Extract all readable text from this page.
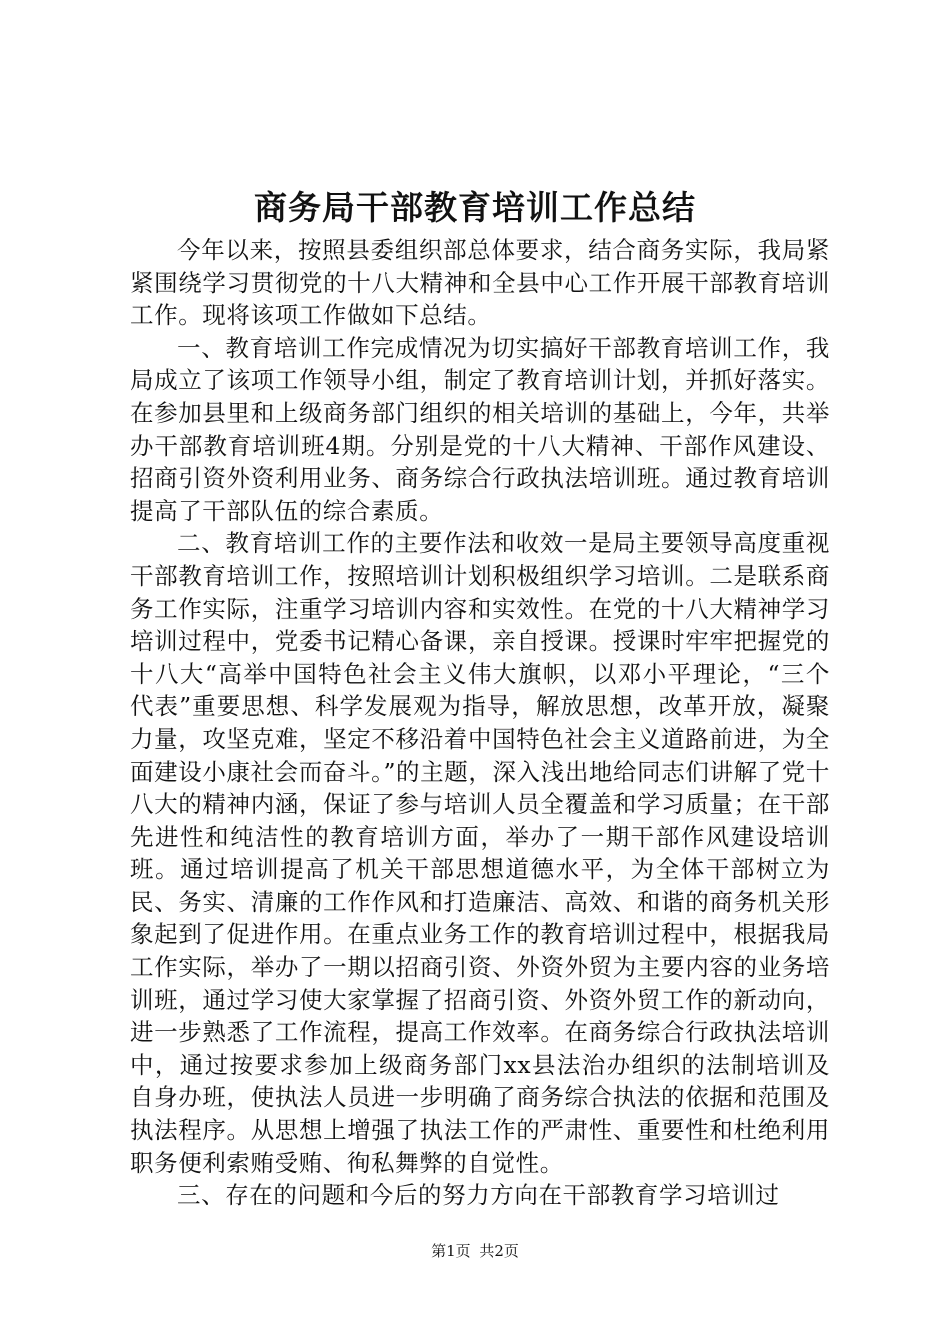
商务局干部教育培训工作总结

今年以来，按照县委组织部总体要求，结合商务实际，我局紧紧围绕学习贯彻党的十八大精神和全县中心工作开展干部教育培训工作。现将该项工作做如下总结。

一、教育培训工作完成情况为切实搞好干部教育培训工作，我局成立了该项工作领导小组，制定了教育培训计划，并抓好落实。在参加县里和上级商务部门组织的相关培训的基础上，今年，共举办干部教育培训班4期。分别是党的十八大精神、干部作风建设、招商引资外资利用业务、商务综合行政执法培训班。通过教育培训提高了干部队伍的综合素质。

二、教育培训工作的主要作法和收效一是局主要领导高度重视干部教育培训工作，按照培训计划积极组织学习培训。二是联系商务工作实际，注重学习培训内容和实效性。在党的十八大精神学习培训过程中，党委书记精心备课，亲自授课。授课时牢牢把握党的十八大“高举中国特色社会主义伟大旗帜，以邓小平理论，“三个代表”重要思想、科学发展观为指导，解放思想，改革开放，凝聚力量，攻坚克难，坚定不移沿着中国特色社会主义道路前进，为全面建设小康社会而奋斗。”的主题，深入浅出地给同志们讲解了党十八大的精神内涵，保证了参与培训人员全覆盖和学习质量；在干部先进性和纯洁性的教育培训方面，举办了一期干部作风建设培训班。通过培训提高了机关干部思想道德水平，为全体干部树立为民、务实、清廉的工作作风和打造廉洁、高效、和谐的商务机关形象起到了促进作用。在重点业务工作的教育培训过程中，根据我局工作实际，举办了一期以招商引资、外资外贸为主要内容的业务培训班，通过学习使大家掌握了招商引资、外资外贸工作的新动向，进一步熟悉了工作流程，提高工作效率。在商务综合行政执法培训中，通过按要求参加上级商务部门xx县法治办组织的法制培训及自身办班，使执法人员进一步明确了商务综合执法的依据和范围及执法程序。从思想上增强了执法工作的严肃性、重要性和杜绝利用职务便利索贿受贿、徇私舞弊的自觉性。

三、存在的问题和今后的努力方向在干部教育学习培训过

第1页 共2页
